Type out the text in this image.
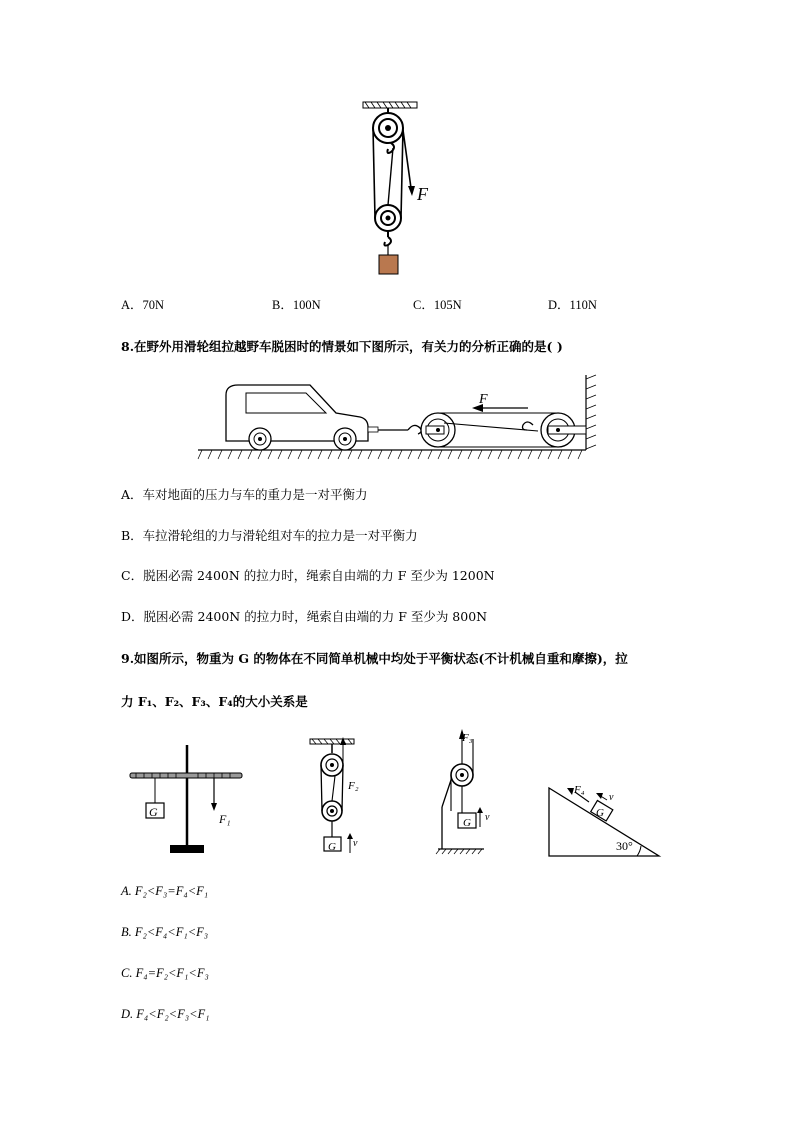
F
A．70N	B．100N	C．105N	D．110N
8.在野外用滑轮组拉越野车脱困时的情景如下图所示，有关力的分析正确的是( )
F
A．车对地面的压力与车的重力是一对平衡力
B．车拉滑轮组的力与滑轮组对车的拉力是一对平衡力
C．脱困必需 2400N 的拉力时，绳索自由端的力 F 至少为 1200N
D．脱困必需 2400N 的拉力时，绳索自由端的力 F 至少为 800N
9.如图所示，物重为 G 的物体在不同简单机械中均处于平衡状态(不计机械自重和摩擦)，拉
力 F₁、F₂、F₃、F₄的大小关系是
G	F₁
F₂
G v
F₃
G v
F₄
v
G
30°
A. F₂<F₃=F₄<F₁
B. F₂<F₄<F₁<F₃
C. F₄=F₂<F₁<F₃
D. F₄<F₂<F₃<F₁
